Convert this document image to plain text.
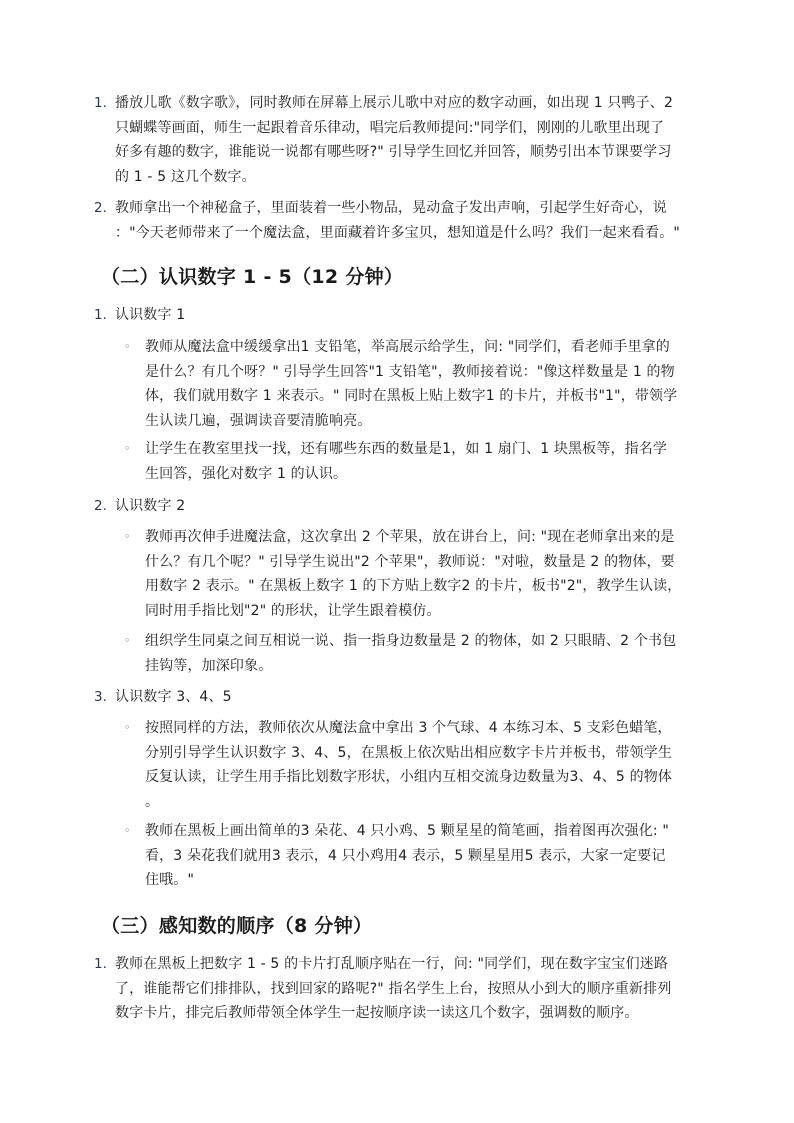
1. 播放儿歌《数字歌》，同时教师在屏幕上展示儿歌中对应的数字动画，如出现 1 只鸭子、2
只蝴蝶等画面，师生一起跟着音乐律动，唱完后教师提问:"同学们，刚刚的儿歌里出现了
好多有趣的数字，谁能说一说都有哪些呀?" 引导学生回忆并回答，顺势引出本节课要学习
的 1 - 5 这几个数字。
2. 教师拿出一个神秘盒子，里面装着一些小物品，晃动盒子发出声响，引起学生好奇心，说
："今天老师带来了一个魔法盒，里面藏着许多宝贝，想知道是什么吗？我们一起来看看。"
（二）认识数字 1 - 5（12 分钟）
1. 认识数字 1
◦ 教师从魔法盒中缓缓拿出1 支铅笔，举高展示给学生，问: "同学们，看老师手里拿的
是什么？有几个呀？" 引导学生回答"1 支铅笔"，教师接着说："像这样数量是 1 的物
体，我们就用数字 1 来表示。" 同时在黑板上贴上数字1 的卡片，并板书"1"，带领学
生认读几遍，强调读音要清脆响亮。
◦ 让学生在教室里找一找，还有哪些东西的数量是1，如 1 扇门、1 块黑板等，指名学
生回答，强化对数字 1 的认识。
2. 认识数字 2
◦ 教师再次伸手进魔法盒，这次拿出 2 个苹果，放在讲台上，问: "现在老师拿出来的是
什么？有几个呢？" 引导学生说出"2 个苹果"，教师说："对啦，数量是 2 的物体，要
用数字 2 表示。" 在黑板上数字 1 的下方贴上数字2 的卡片，板书"2"，教学生认读，
同时用手指比划"2" 的形状，让学生跟着模仿。
◦ 组织学生同桌之间互相说一说、指一指身边数量是 2 的物体，如 2 只眼睛、2 个书包
挂钩等，加深印象。
3. 认识数字 3、4、5
◦ 按照同样的方法，教师依次从魔法盒中拿出 3 个气球、4 本练习本、5 支彩色蜡笔，
分别引导学生认识数字 3、4、5，在黑板上依次贴出相应数字卡片并板书，带领学生
反复认读，让学生用手指比划数字形状，小组内互相交流身边数量为3、4、5 的物体
。
◦ 教师在黑板上画出简单的3 朵花、4 只小鸡、5 颗星星的简笔画，指着图再次强化: "
看，3 朵花我们就用3 表示，4 只小鸡用4 表示，5 颗星星用5 表示，大家一定要记
住哦。"
（三）感知数的顺序（8 分钟）
1. 教师在黑板上把数字 1 - 5 的卡片打乱顺序贴在一行，问: "同学们，现在数字宝宝们迷路
了，谁能帮它们排排队，找到回家的路呢?" 指名学生上台，按照从小到大的顺序重新排列
数字卡片，排完后教师带领全体学生一起按顺序读一读这几个数字，强调数的顺序。
